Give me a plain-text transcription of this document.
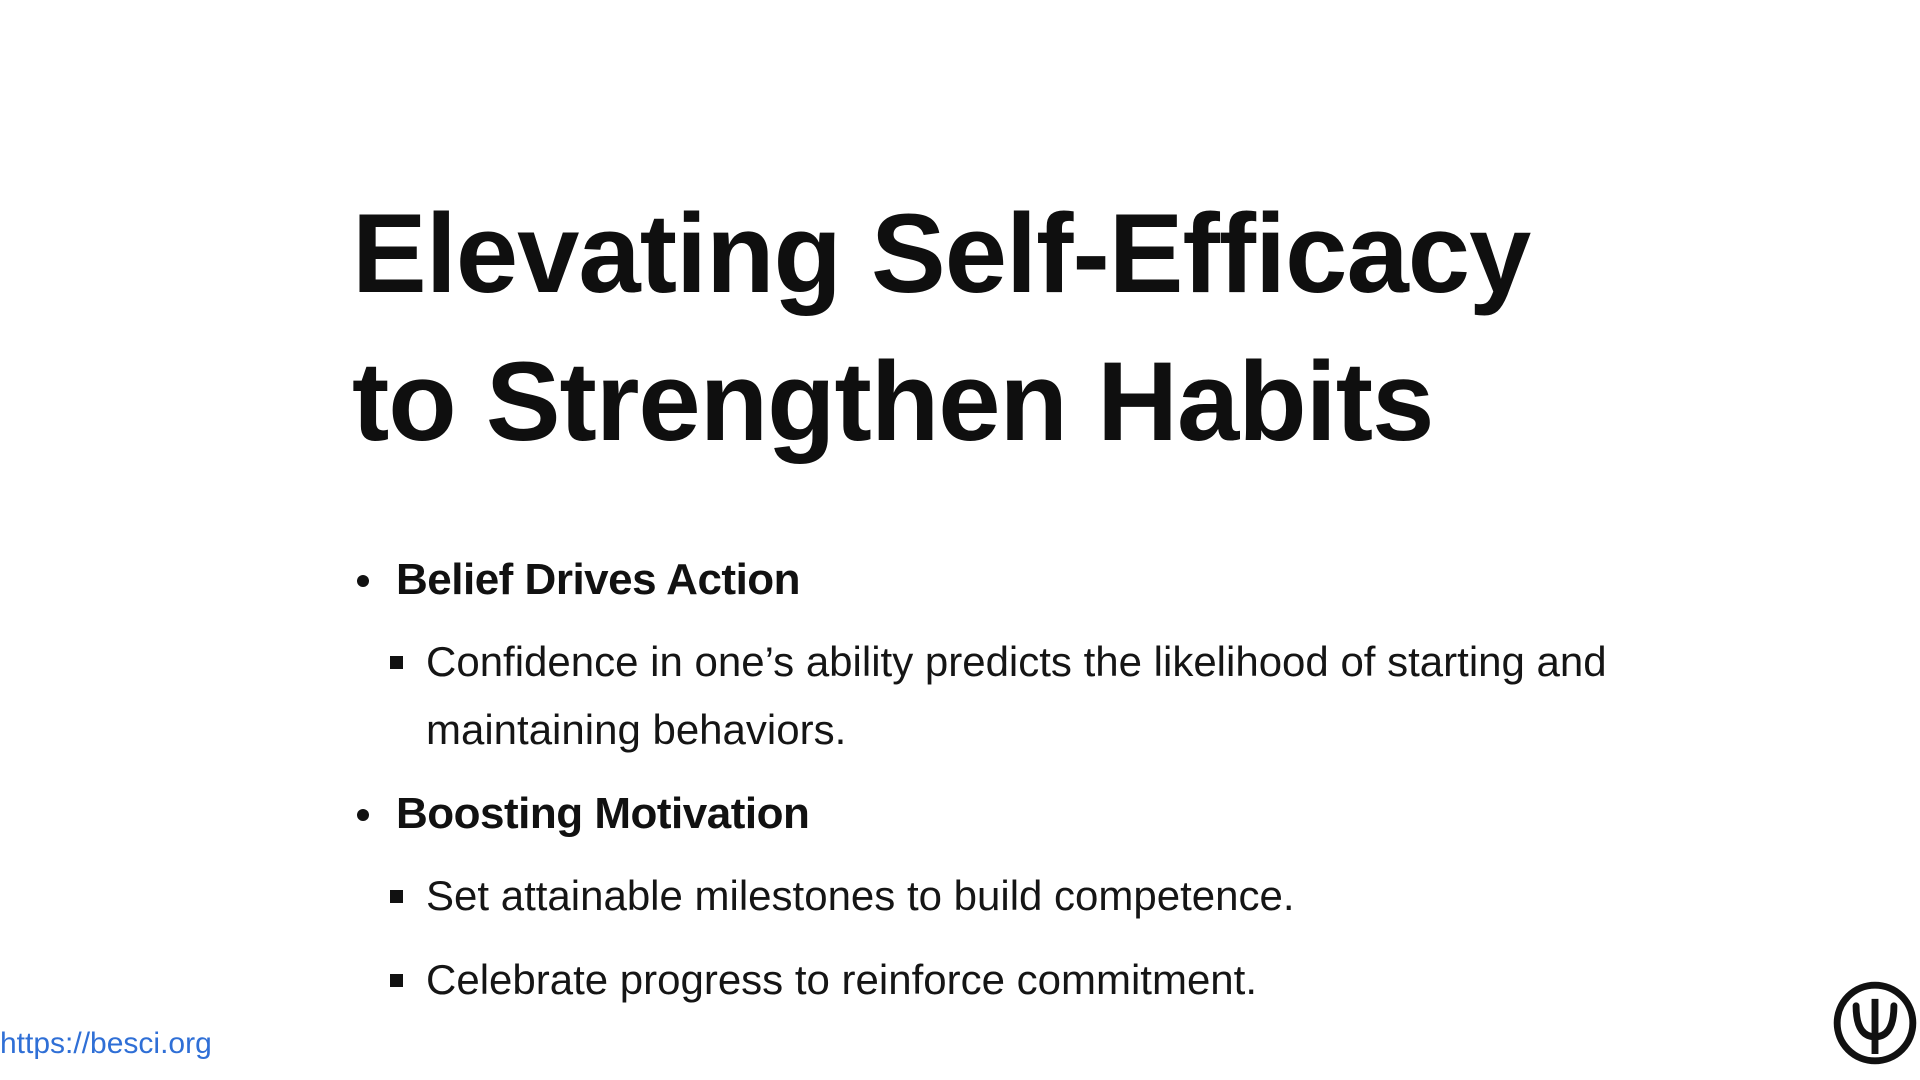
Elevating Self-Efficacy
to Strengthen Habits
Belief Drives Action
Confidence in one’s ability predicts the likelihood of starting and maintaining behaviors.
Boosting Motivation
Set attainable milestones to build competence.
Celebrate progress to reinforce commitment.
https://besci.org
